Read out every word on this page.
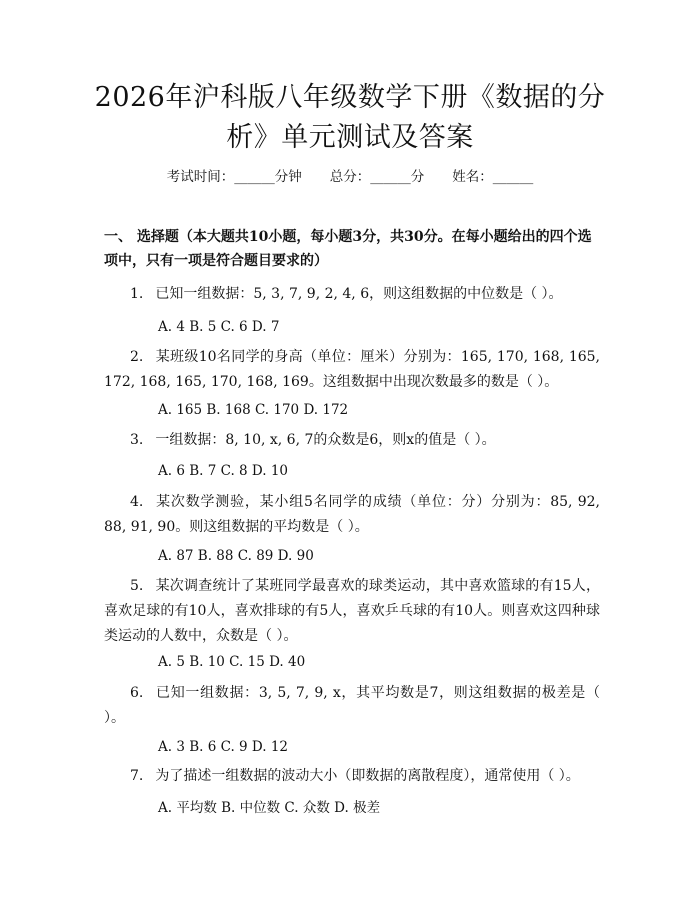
2026年沪科版八年级数学下册《数据的分
析》单元测试及答案
考试时间：______分钟 总分：______分 姓名：______
一、 选择题（本大题共10小题，每小题3分，共30分。在每小题给出的四个选项中，只有一项是符合题目要求的）
1. 已知一组数据：5, 3, 7, 9, 2, 4, 6，则这组数据的中位数是（ ）。
A. 4 B. 5 C. 6 D. 7
2. 某班级10名同学的身高（单位：厘米）分别为：165, 170, 168, 165, 172, 168, 165, 170, 168, 169。这组数据中出现次数最多的数是（ ）。
A. 165 B. 168 C. 170 D. 172
3. 一组数据：8, 10, x, 6, 7的众数是6，则x的值是（ ）。
A. 6 B. 7 C. 8 D. 10
4. 某次数学测验，某小组5名同学的成绩（单位：分）分别为：85, 92, 88, 91, 90。则这组数据的平均数是（ ）。
A. 87 B. 88 C. 89 D. 90
5. 某次调查统计了某班同学最喜欢的球类运动，其中喜欢篮球的有15人，喜欢足球的有10人，喜欢排球的有5人，喜欢乒乓球的有10人。则喜欢这四种球类运动的人数中，众数是（ ）。
A. 5 B. 10 C. 15 D. 40
6. 已知一组数据：3, 5, 7, 9, x，其平均数是7，则这组数据的极差是（ ）。
A. 3 B. 6 C. 9 D. 12
7. 为了描述一组数据的波动大小（即数据的离散程度），通常使用（ ）。
A. 平均数 B. 中位数 C. 众数 D. 极差
